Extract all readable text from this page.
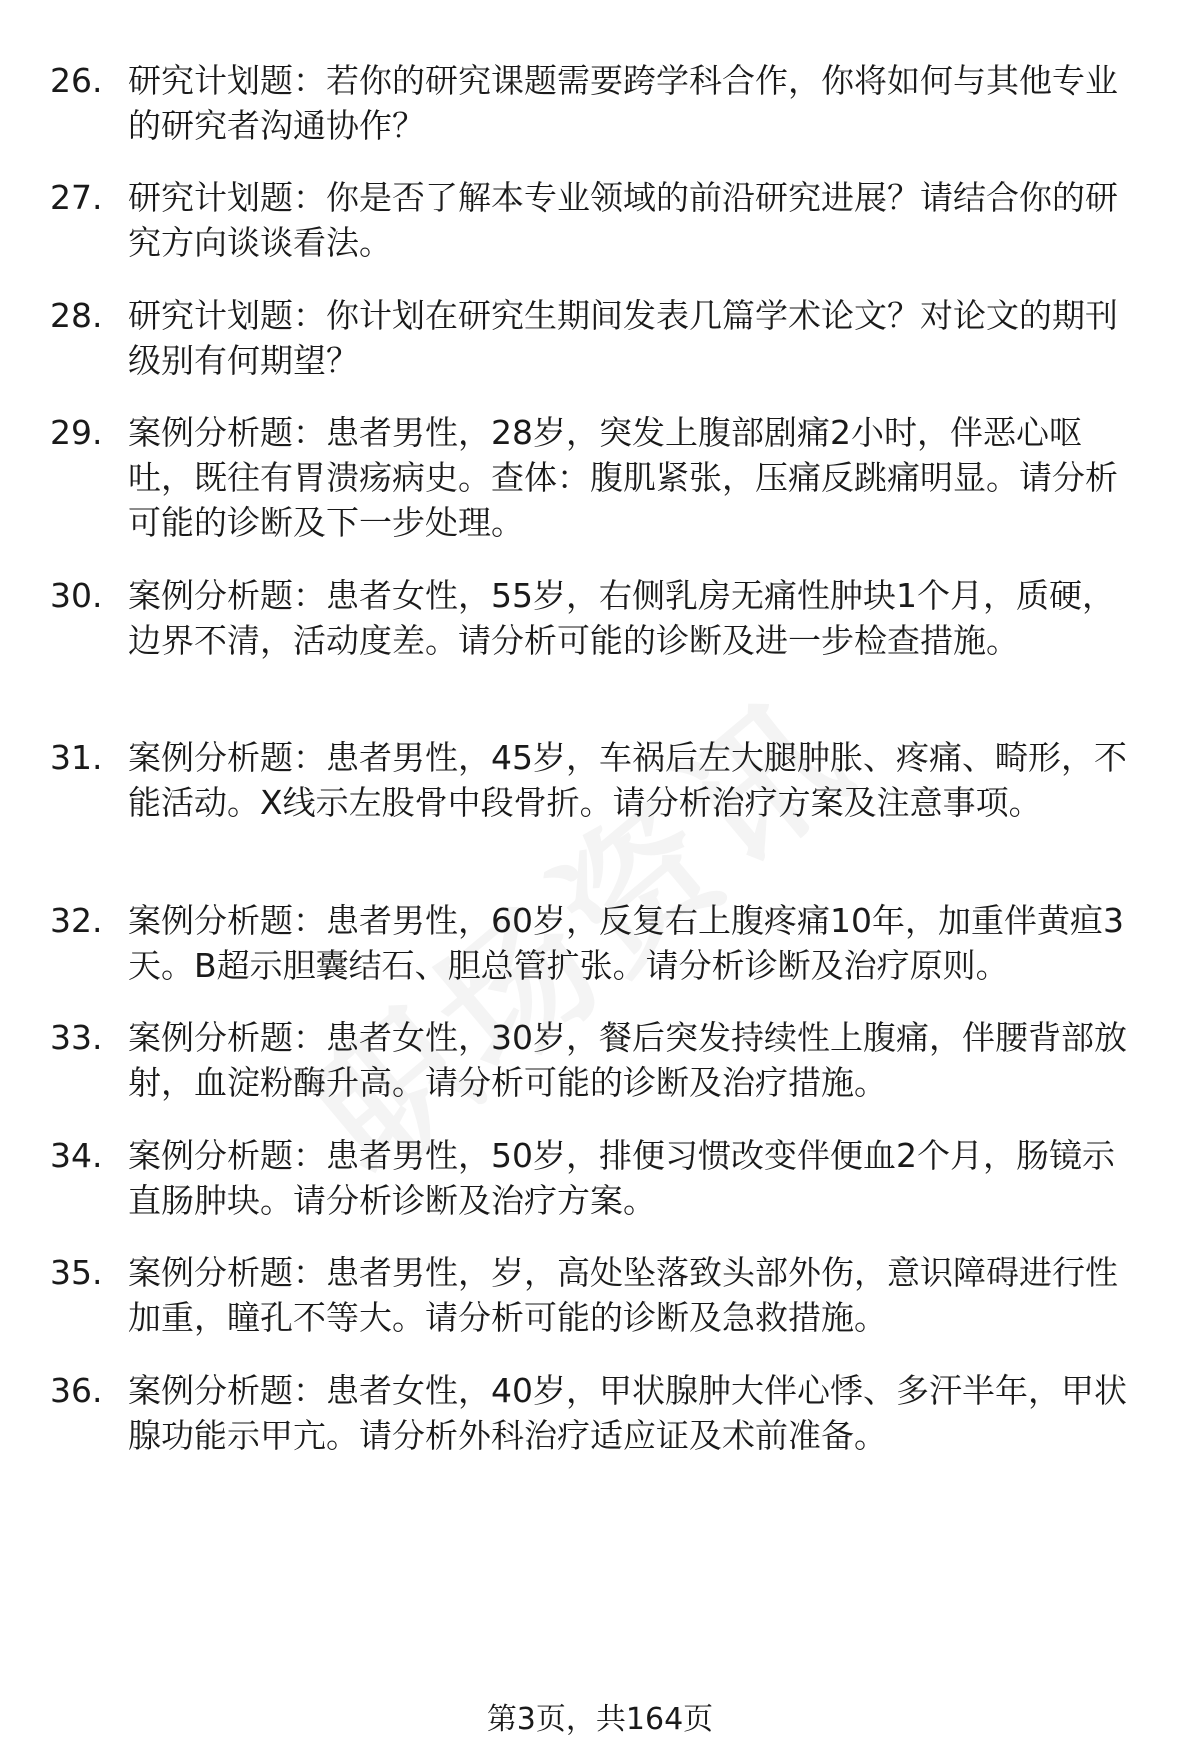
26. 研究计划题：若你的研究课题需要跨学科合作，你将如何与其他专业的研究者沟通协作？
27. 研究计划题：你是否了解本专业领域的前沿研究进展？请结合你的研究方向谈谈看法。
28. 研究计划题：你计划在研究生期间发表几篇学术论文？对论文的期刊级别有何期望？
29. 案例分析题：患者男性，28岁，突发上腹部剧痛2小时，伴恶心呕吐，既往有胃溃疡病史。查体：腹肌紧张，压痛反跳痛明显。请分析可能的诊断及下一步处理。
30. 案例分析题：患者女性，55岁，右侧乳房无痛性肿块1个月，质硬，边界不清，活动度差。请分析可能的诊断及进一步检查措施。
31. 案例分析题：患者男性，45岁，车祸后左大腿肿胀、疼痛、畸形，不能活动。X线示左股骨中段骨折。请分析治疗方案及注意事项。
32. 案例分析题：患者男性，60岁，反复右上腹疼痛10年，加重伴黄疸3天。B超示胆囊结石、胆总管扩张。请分析诊断及治疗原则。
33. 案例分析题：患者女性，30岁，餐后突发持续性上腹痛，伴腰背部放射，血淀粉酶升高。请分析可能的诊断及治疗措施。
34. 案例分析题：患者男性，50岁，排便习惯改变伴便血2个月，肠镜示直肠肿块。请分析诊断及治疗方案。
35. 案例分析题：患者男性，岁，高处坠落致头部外伤，意识障碍进行性加重，瞳孔不等大。请分析可能的诊断及急救措施。
36. 案例分析题：患者女性，40岁，甲状腺肿大伴心悸、多汗半年，甲状腺功能示甲亢。请分析外科治疗适应证及术前准备。
第3页，共164页
